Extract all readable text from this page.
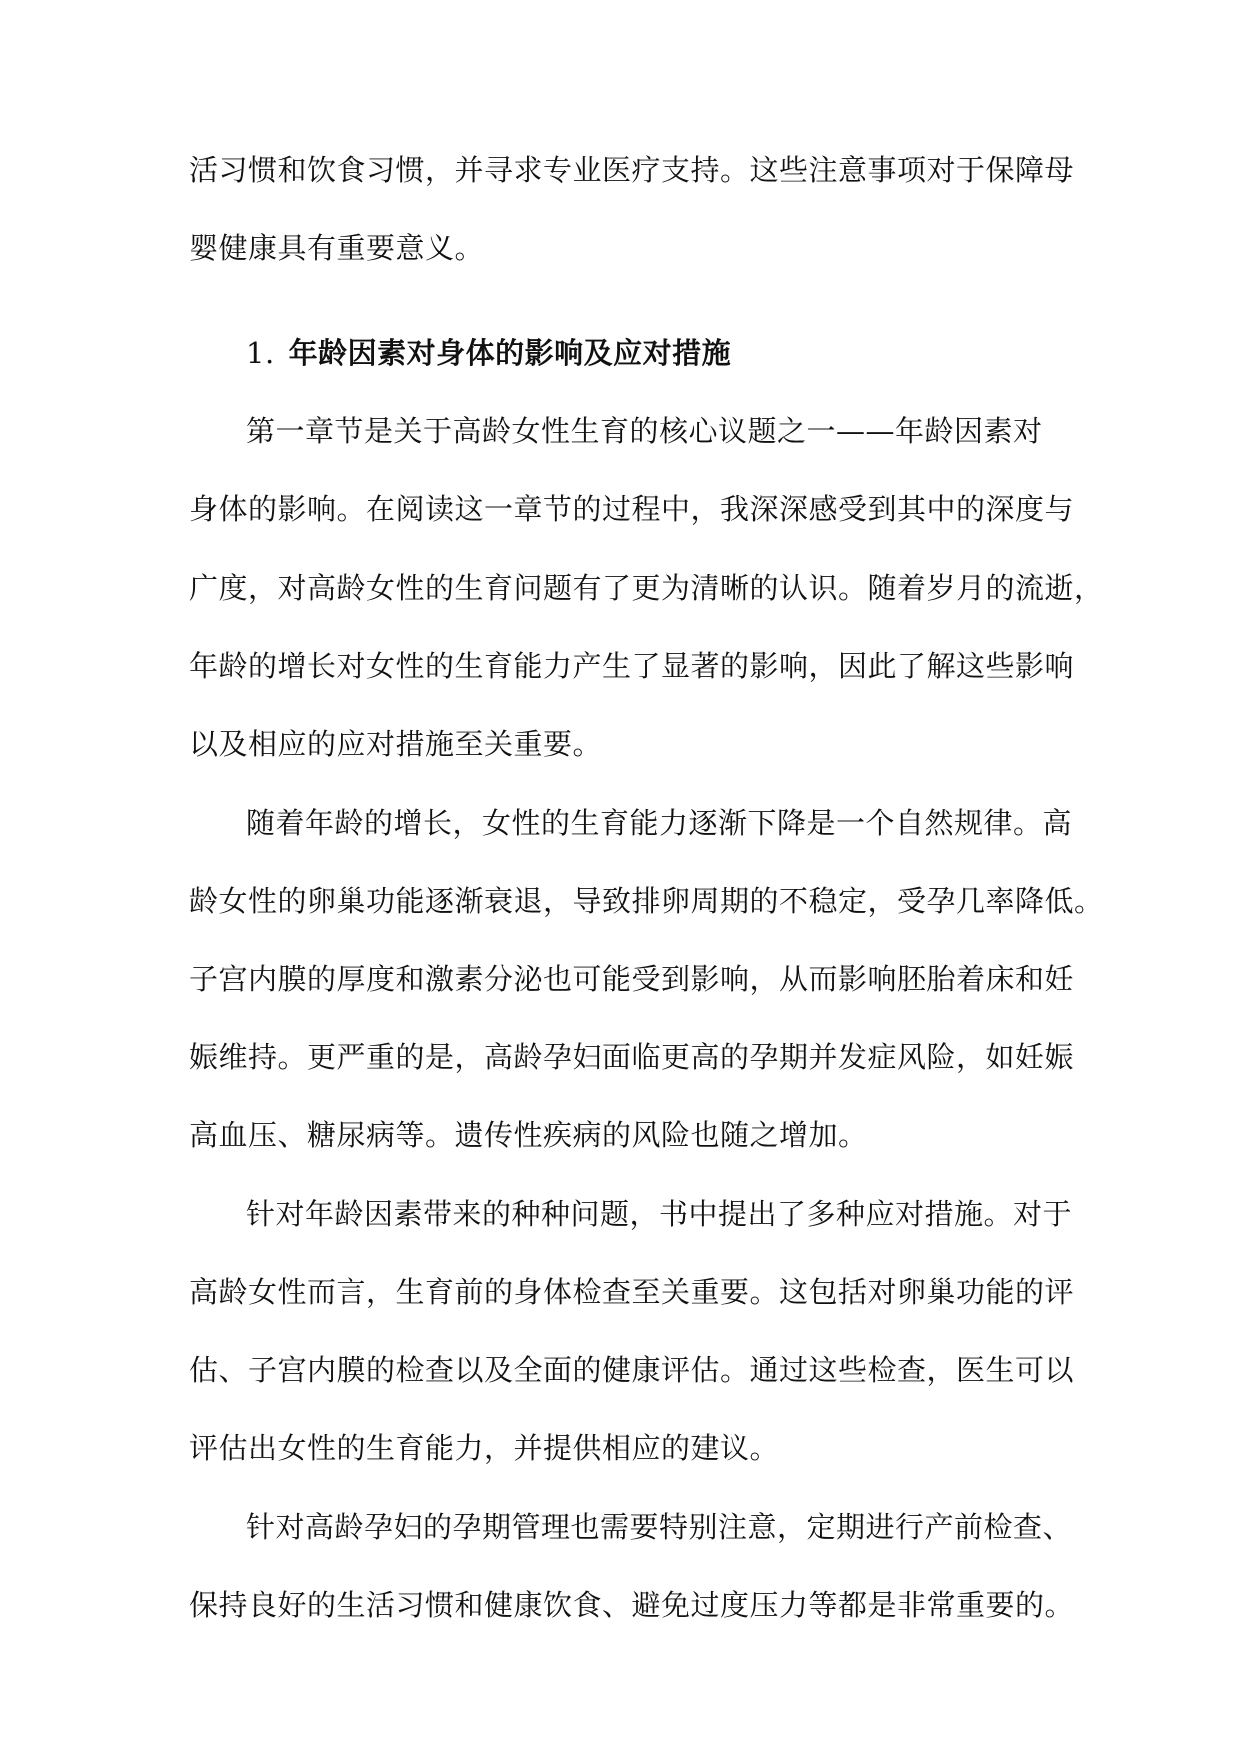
活习惯和饮食习惯，并寻求专业医疗支持。这些注意事项对于保障母
婴健康具有重要意义。
1. 年龄因素对身体的影响及应对措施
第一章节是关于高龄女性生育的核心议题之一——年龄因素对
身体的影响。在阅读这一章节的过程中，我深深感受到其中的深度与
广度，对高龄女性的生育问题有了更为清晰的认识。随着岁月的流逝，
年龄的增长对女性的生育能力产生了显著的影响，因此了解这些影响
以及相应的应对措施至关重要。
随着年龄的增长，女性的生育能力逐渐下降是一个自然规律。高
龄女性的卵巢功能逐渐衰退，导致排卵周期的不稳定，受孕几率降低。
子宫内膜的厚度和激素分泌也可能受到影响，从而影响胚胎着床和妊
娠维持。更严重的是，高龄孕妇面临更高的孕期并发症风险，如妊娠
高血压、糖尿病等。遗传性疾病的风险也随之增加。
针对年龄因素带来的种种问题，书中提出了多种应对措施。对于
高龄女性而言，生育前的身体检查至关重要。这包括对卵巢功能的评
估、子宫内膜的检查以及全面的健康评估。通过这些检查，医生可以
评估出女性的生育能力，并提供相应的建议。
针对高龄孕妇的孕期管理也需要特别注意，定期进行产前检查、
保持良好的生活习惯和健康饮食、避免过度压力等都是非常重要的。
